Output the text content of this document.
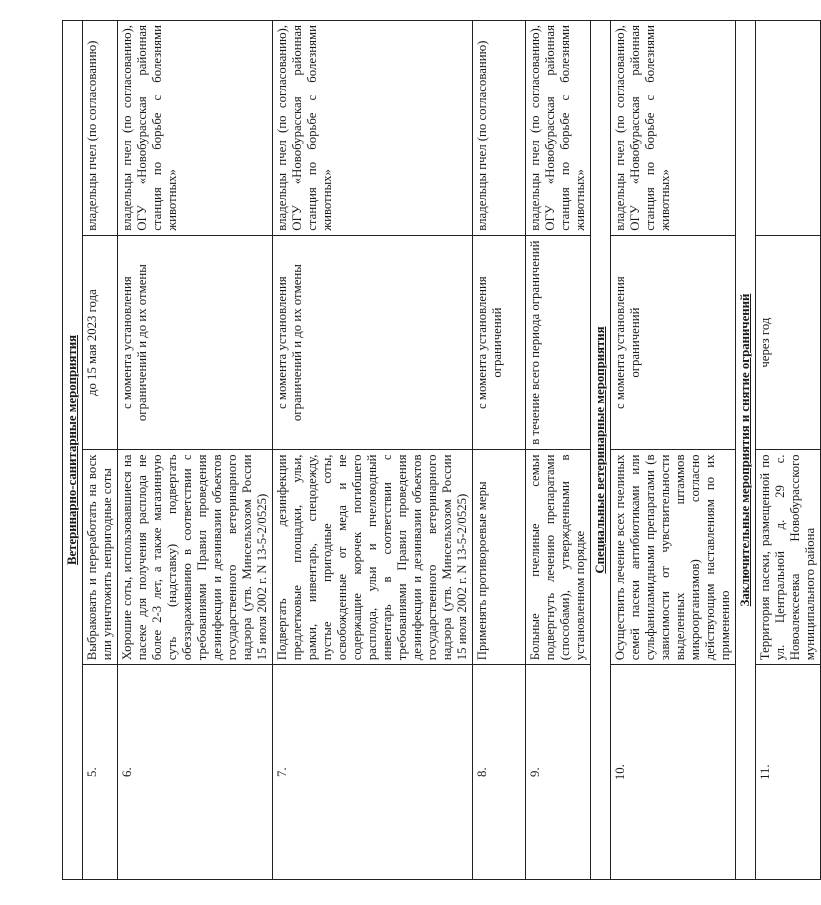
Ветеринарно-санитарные мероприятия			
5.	Выбраковать и переработать на воск или уничтожить непригодные соты	до 15 мая 2023 года	владельцы пчел (по согласованию)
6.	Хорошие соты, использовавшиеся на пасеке для получения расплода не более 2-3 лет, а также магазинную суть (надставку) подвергать обеззараживанию в соответствии с требованиями Правил проведения дезинфекции и дезинвазии объектов государственного ветеринарного надзора (утв. Минсельхозом России 15 июля 2002 г. N 13-5-2/0525)	с момента установления ограничений и до их отмены	владельцы пчел (по согласованию), ОГУ «Новобурасская районная станция по борьбе с болезнями животных»
7.	Подвергать дезинфекции предлетковые площадки, ульи, рамки, инвентарь, спецодежду, пустые пригодные соты, освобожденные от меда и не содержащие корочек погибшего расплода, ульи и пчеловодный инвентарь в соответствии с требованиями Правил проведения дезинфекции и дезинвазии объектов государственного ветеринарного надзора (утв. Минсельхозом России 15 июля 2002 г. N 13-5-2/0525)	с момента установления ограничений и до их отмены	владельцы пчел (по согласованию), ОГУ «Новобурасская районная станция по борьбе с болезнями животных»
8.	Применять противороевые меры	с момента установления ограничений	владельцы пчел (по согласованию)
9.	Больные пчелиные семьи подвергнуть лечению препаратами (способами), утвержденными в установленном порядке	в течение всего периода ограничений	владельцы пчел (по согласованию), ОГУ «Новобурасская районная станция по борьбе с болезнями животных»
Специальные ветеринарные мероприятия			
10.	Осуществить лечение всех пчелиных семей пасеки антибиотиками или сульфаниламидными препаратами (в зависимости от чувствительности выделенных штаммов микроорганизмов) согласно действующим наставлениям по их применению	с момента установления ограничений	владельцы пчел (по согласованию), ОГУ «Новобурасская районная станция по борьбе с болезнями животных»
Заключительные мероприятия и снятие ограничений			
11.	Территория пасеки, размещенной по ул. Центральной д. 29 с. Новоалексеевка Новобурасского муниципального района	через год	
